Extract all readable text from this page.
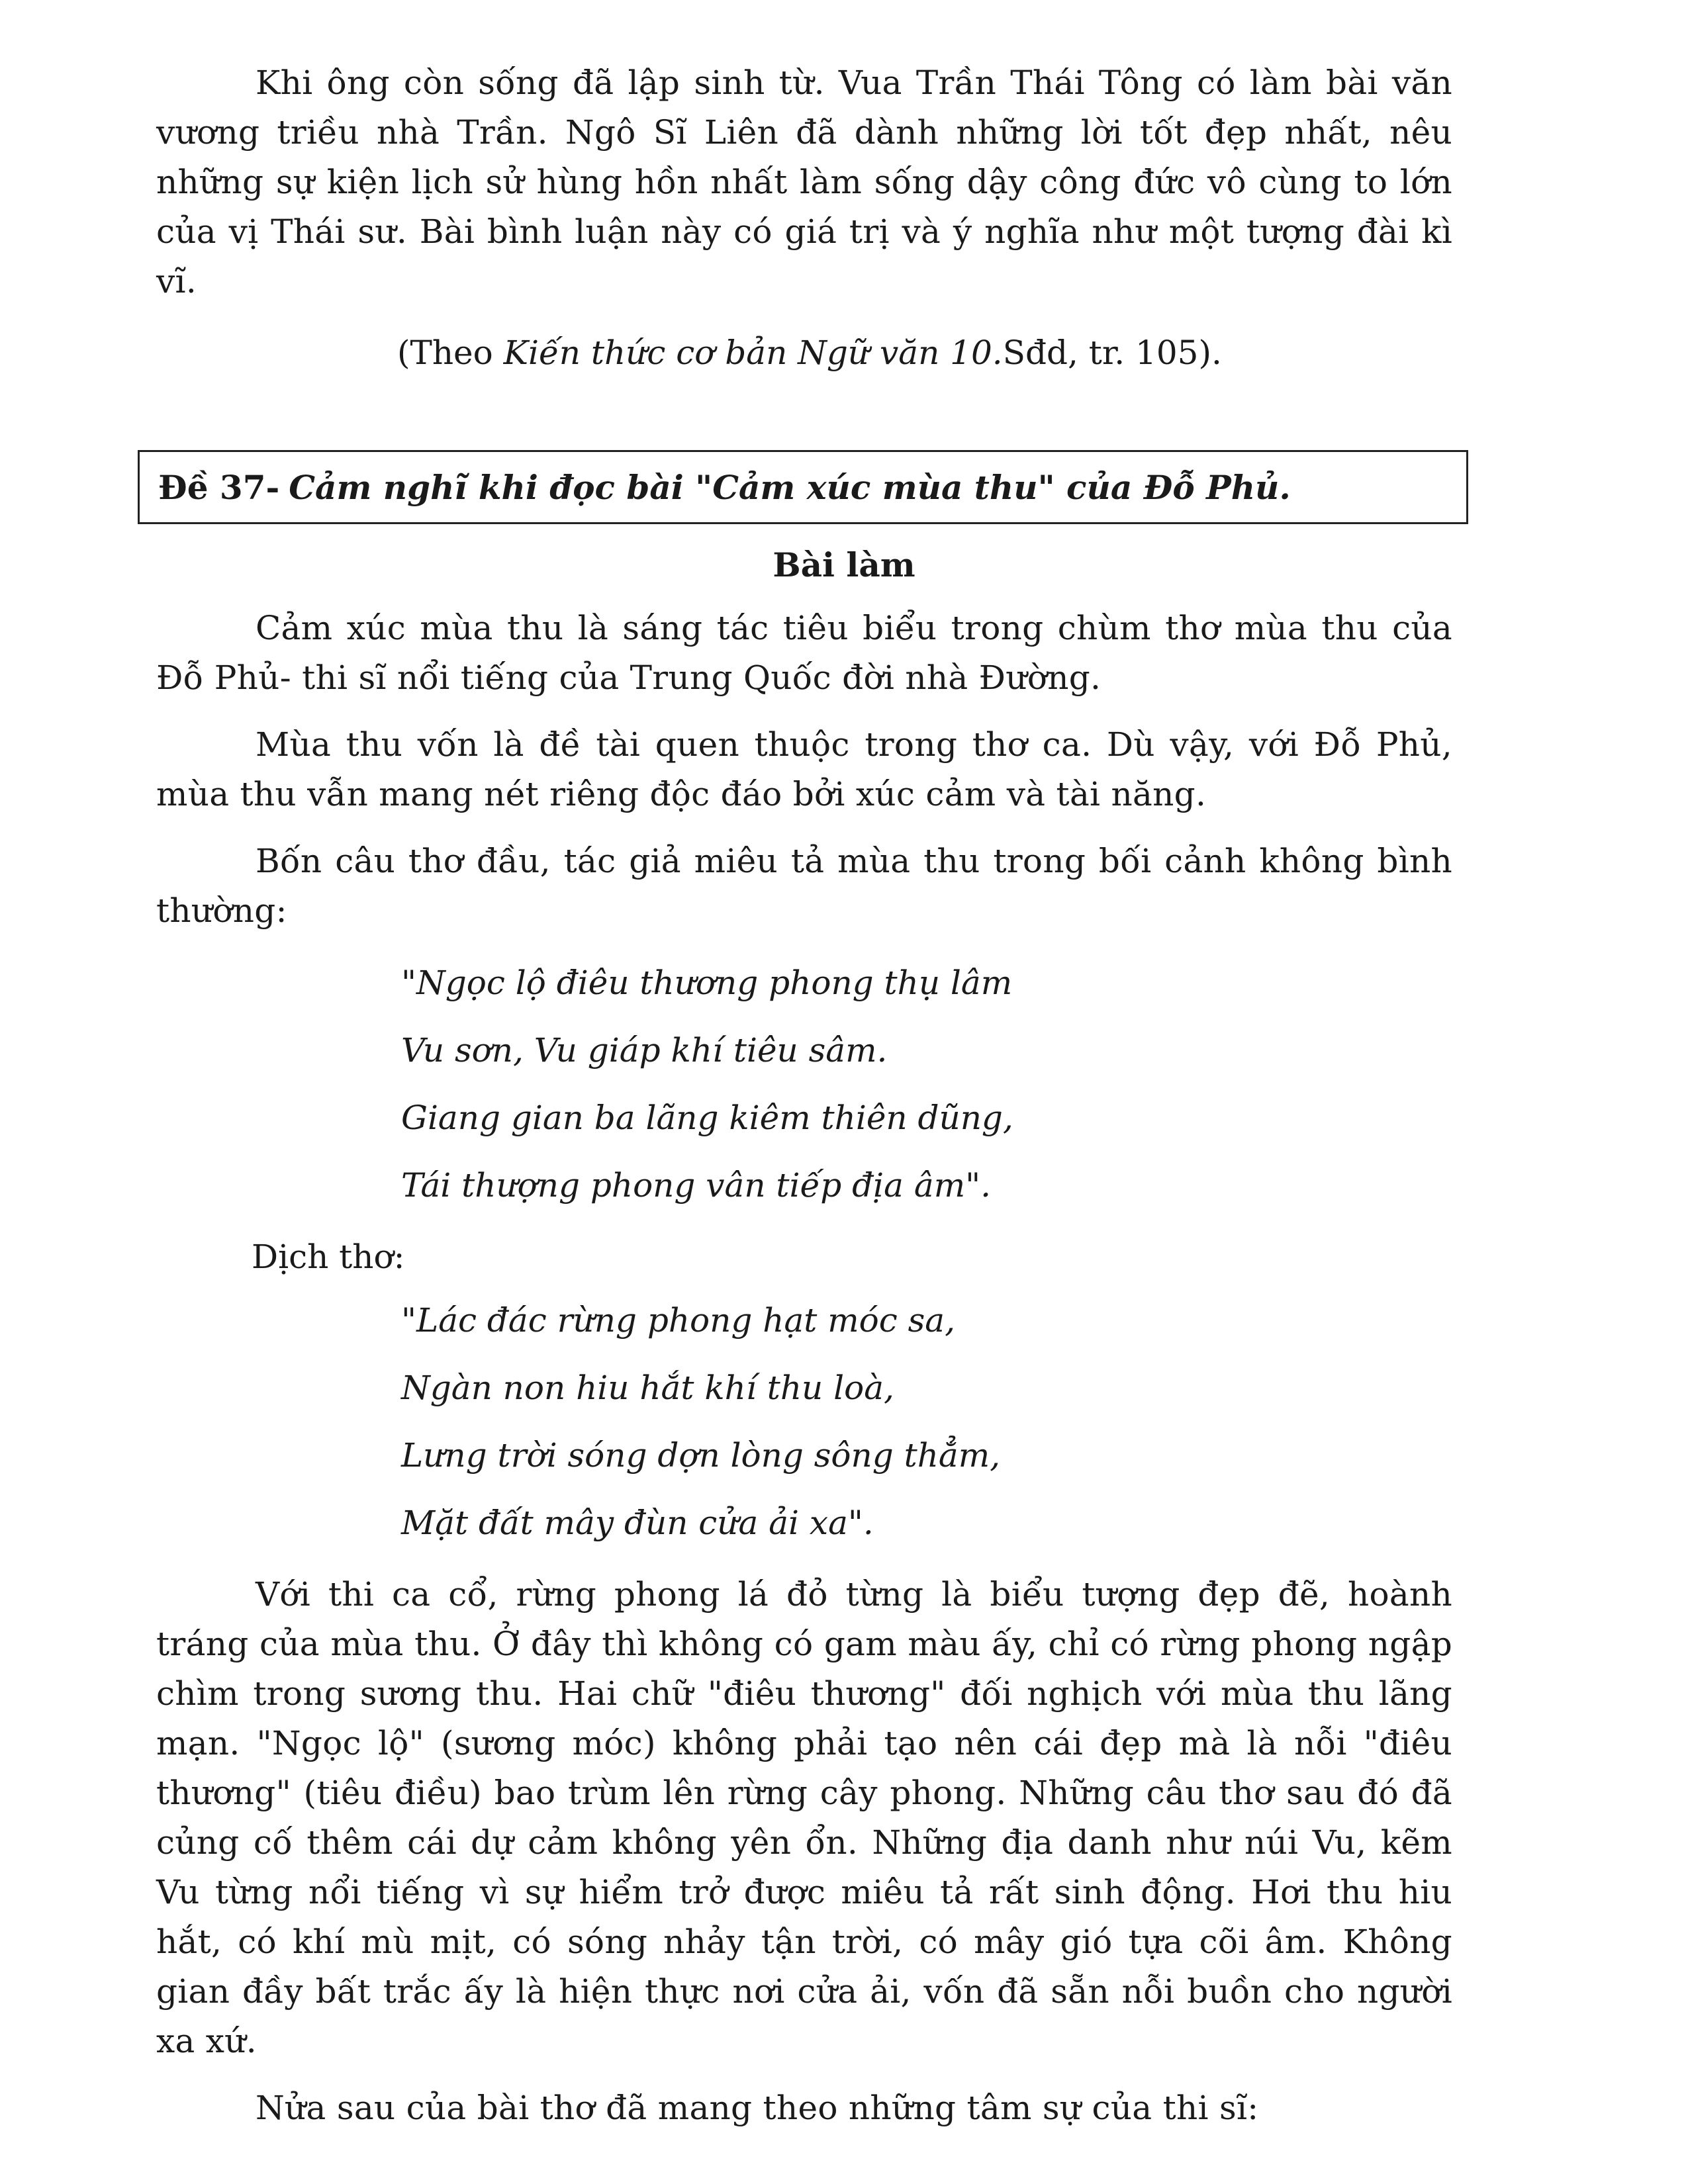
Khi ông còn sống đã lập sinh từ. Vua Trần Thái Tông có làm bài văn vương triều nhà Trần. Ngô Sĩ Liên đã dành những lời tốt đẹp nhất, nêu những sự kiện lịch sử hùng hồn nhất làm sống dậy công đức vô cùng to lớn của vị Thái sư. Bài bình luận này có giá trị và ý nghĩa như một tượng đài kì vĩ.

(Theo Kiến thức cơ bản Ngữ văn 10.Sđd, tr. 105).
Đề 37- Cảm nghĩ khi đọc bài "Cảm xúc mùa thu" của Đỗ Phủ.
Bài làm

Cảm xúc mùa thu là sáng tác tiêu biểu trong chùm thơ mùa thu của Đỗ Phủ- thi sĩ nổi tiếng của Trung Quốc đời nhà Đường.

Mùa thu vốn là đề tài quen thuộc trong thơ ca. Dù vậy, với Đỗ Phủ, mùa thu vẫn mang nét riêng độc đáo bởi xúc cảm và tài năng.

Bốn câu thơ đầu, tác giả miêu tả mùa thu trong bối cảnh không bình thường:

"Ngọc lộ điêu thương phong thụ lâm
Vu sơn, Vu giáp khí tiêu sâm.
Giang gian ba lãng kiêm thiên dũng,
Tái thượng phong vân tiếp địa âm".
Dịch thơ:
"Lác đác rừng phong hạt móc sa,
Ngàn non hiu hắt khí thu loà,
Lưng trời sóng dợn lòng sông thẳm,
Mặt đất mây đùn cửa ải xa".

Với thi ca cổ, rừng phong lá đỏ từng là biểu tượng đẹp đẽ, hoành tráng của mùa thu. Ở đây thì không có gam màu ấy, chỉ có rừng phong ngập chìm trong sương thu. Hai chữ "điêu thương" đối nghịch với mùa thu lãng mạn. "Ngọc lộ" (sương móc) không phải tạo nên cái đẹp mà là nỗi "điêu thương" (tiêu điều) bao trùm lên rừng cây phong. Những câu thơ sau đó đã củng cố thêm cái dự cảm không yên ổn. Những địa danh như núi Vu, kẽm Vu từng nổi tiếng vì sự hiểm trở được miêu tả rất sinh động. Hơi thu hiu hắt, có khí mù mịt, có sóng nhảy tận trời, có mây gió tựa cõi âm. Không gian đầy bất trắc ấy là hiện thực nơi cửa ải, vốn đã sẵn nỗi buồn cho người xa xứ.

Nửa sau của bài thơ đã mang theo những tâm sự của thi sĩ:
